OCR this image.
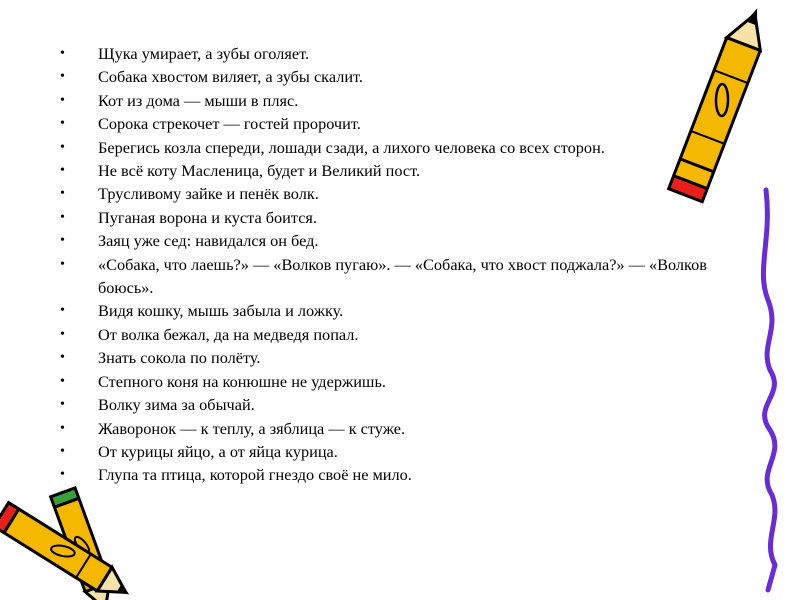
•	Щука умирает, а зубы оголяет.
•	Собака хвостом виляет, а зубы скалит.
•	Кот из дома — мыши в пляс.
•	Сорока стрекочет — гостей пророчит.
•	Берегись козла спереди, лошади сзади, а лихого человека со всех сторон.
•	Не всё коту Масленица, будет и Великий пост.
•	Трусливому зайке и пенёк волк.
•	Пуганая ворона и куста боится.
•	Заяц уже сед: навидался он бед.
•	«Собака, что лаешь?» — «Волков пугаю». — «Собака, что хвост поджала?» — «Волков боюсь».
•	Видя кошку, мышь забыла и ложку.
•	От волка бежал, да на медведя попал.
•	Знать сокола по полёту.
•	Степного коня на конюшне не удержишь.
•	Волку зима за обычай.
•	Жаворонок — к теплу, а зяблица — к стуже.
•	От курицы яйцо, а от яйца курица.
•	Глупа та птица, которой гнездо своё не мило.
